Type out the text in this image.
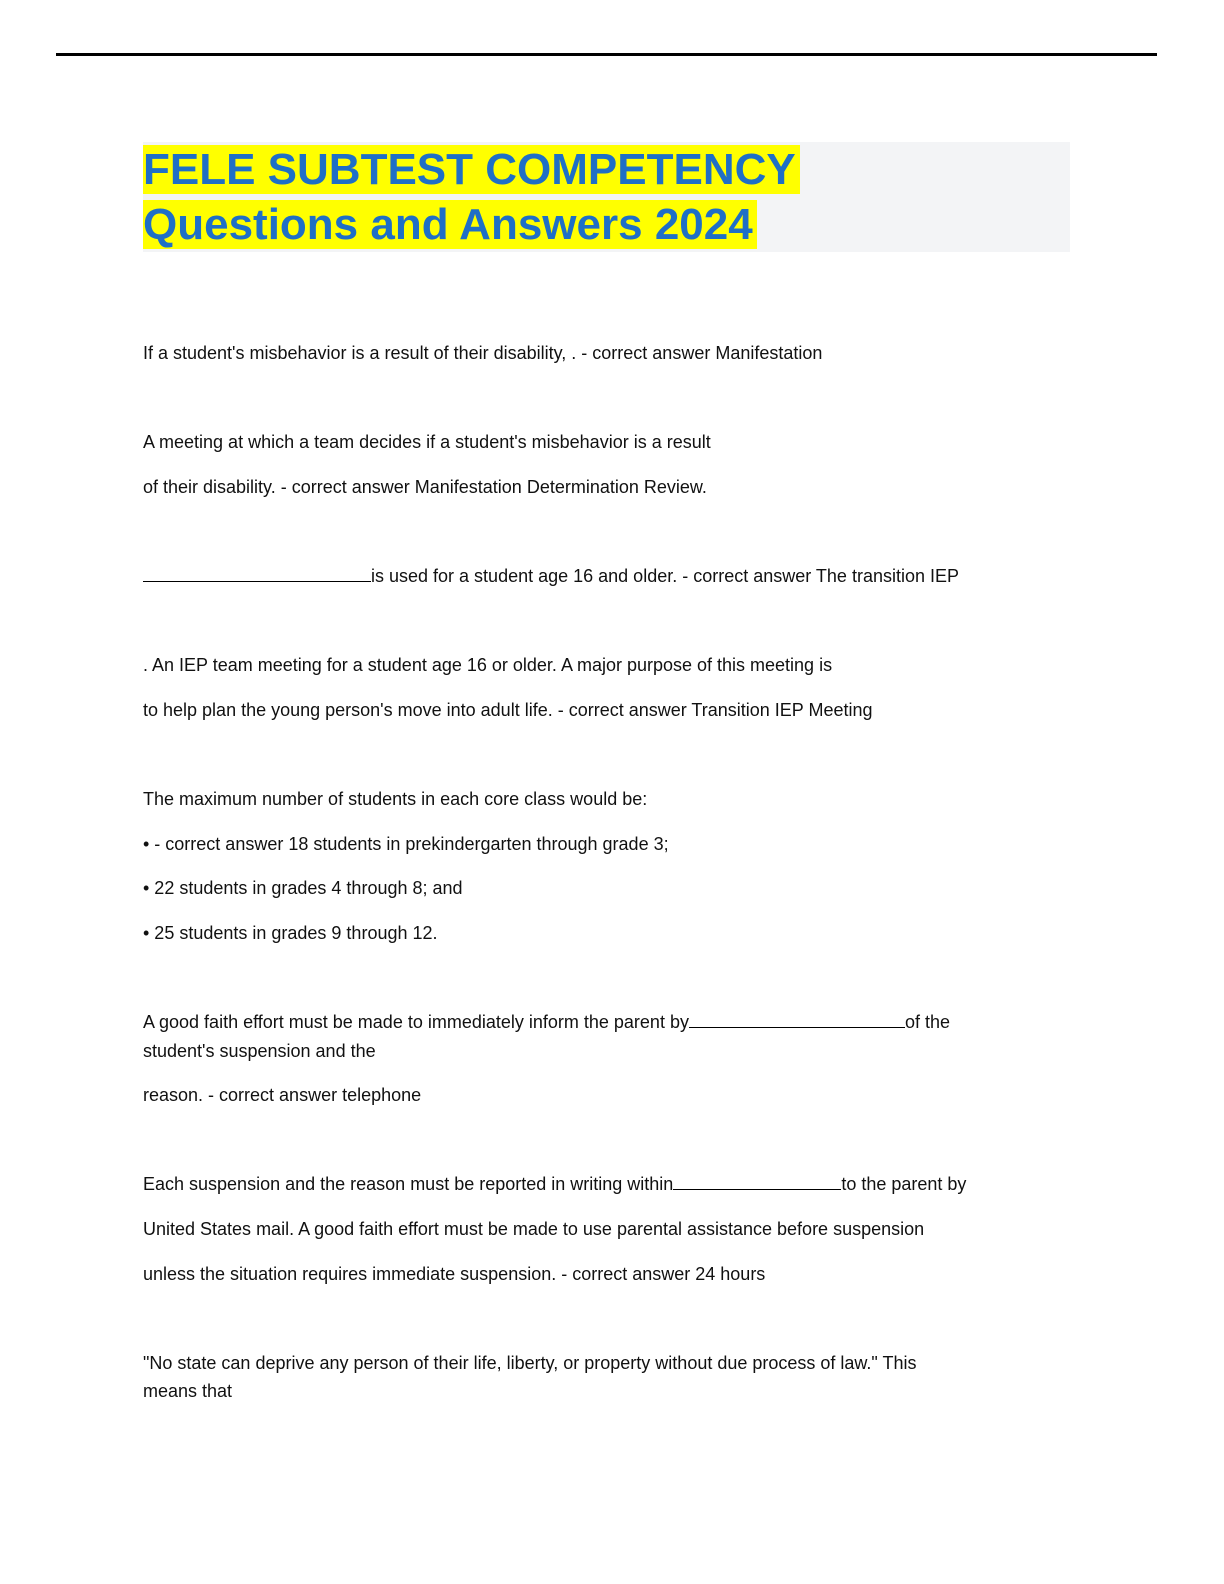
FELE SUBTEST COMPETENCY
Questions and Answers 2024

If a student's misbehavior is a result of their disability, . - correct answer Manifestation

A meeting at which a team decides if a student's misbehavior is a result

of their disability. - correct answer Manifestation Determination Review.

is used for a student age 16 and older. - correct answer The transition IEP

. An IEP team meeting for a student age 16 or older. A major purpose of this meeting is

to help plan the young person's move into adult life. - correct answer Transition IEP Meeting

The maximum number of students in each core class would be:

• - correct answer 18 students in prekindergarten through grade 3;

• 22 students in grades 4 through 8; and

• 25 students in grades 9 through 12.

A good faith effort must be made to immediately inform the parent by	of the

student's suspension and the

reason. - correct answer telephone

Each suspension and the reason must be reported in writing within	to the parent by

United States mail. A good faith effort must be made to use parental assistance before suspension

unless the situation requires immediate suspension. - correct answer 24 hours

"No state can deprive any person of their life, liberty, or property without due process of law." This

means that
